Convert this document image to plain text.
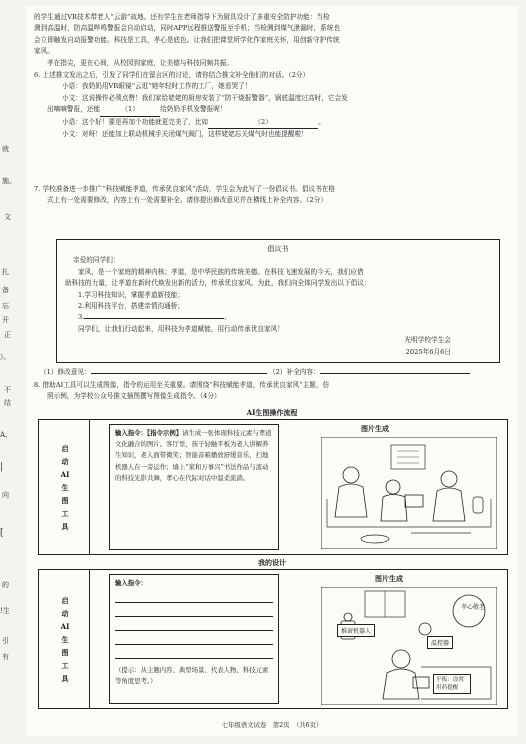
就
施。
文
扎
备
忘
开
正
》。
不
结
A、
向
的
!生
引
有
|
[
的学生通过VR技术带老人“云游”故地。还有学生在老师指导下为厨具设计了多重安全防护功能：当检
测到高温时，防高温哔鸣警报会自动启动，同时APP远程推送警报至手机；当检测到煤气泄漏时，系统也
会立即触发自动报警功能。科技是工具，孝心是底色。让我们把课堂所学化作家庭关怀，用创新守护传统
家风。
孝在指尖，更在心间，从校园到家庭，让美德与科技同频共振。
6. 上述推文发出之后，引发了同学们在留言区的讨论，请你结合推文补全他们的对话。（2分）
小语：我奶奶用VR眼镜“云逛”她年轻时工作的工厂，她看哭了！
小文：这说操作必须点赞！我们家给姥姥的厨房安装了“防干烧报警器”，锅底温度过高时，它会发
出嘀嘀警报，还能	（1）	给奶奶手机发警报呢！
小语：这个好！要是再加个功能就更完美了，比如	（2）	。
小文：对呀！还能加上联动机械手关闭煤气阀门，这样姥姥忘关煤气时也能提醒啦！
7. 学校准备进一步推广“科技赋能孝道，传承优良家风”活动，学生会为此写了一份倡议书。倡议书在格
式上有一处需要修改，内容上有一处需要补全。请你提出修改意见并在横线上补全内容。（2分）
倡议书
亲爱的同学们：
家风，是一个家庭的精神内核；孝道，是中华民族的传统美德。在科技飞速发展的今天，我们应借
助科技的力量，让孝道在新时代焕发出新的活力，传承优良家风。为此，我们向全体同学发出以下倡议：
1.学习科技知识，掌握孝道新技能；
2.利用科技平台，搭建亲情沟通桥；
3.	。
同学们，让我们行动起来，用科技为孝道赋能，用行动传承优良家风！
光明学校学生会
2025年6月6日
（1）修改意见：	（2）补全内容：
8. 借助AI工具可以生成图像，指令的运用至关重要。请围绕“科技赋能孝道，传承优良家风”主题，仿
照示例，为学校公众号推文插图撰写图像生成指令。（4分）
AI生图操作流程
启
动
AI
生
图
工
具
输入指令：【指令示例】请生成一张体现科技元素与孝道文化融合的图片。客厅里，孩子轻触平板为老人讲解养生知识，老人面带微笑；智能音箱播放舒缓音乐，扫地机器人在一旁运作；墙上“家和万事兴”书法作品与流动的科技光影共舞，孝心在代际对话中温柔流淌。
图片生成
我的设计
启
动
AI
生
图
工
具
输入指令：
（提示：从主题内容、典型场景、代表人物、科技元素等角度思考。）
图片生成
推窗机器人
温控器
平板：设置用药提醒
孝心敬老
七年级语文试卷　第2页　（共6页）
